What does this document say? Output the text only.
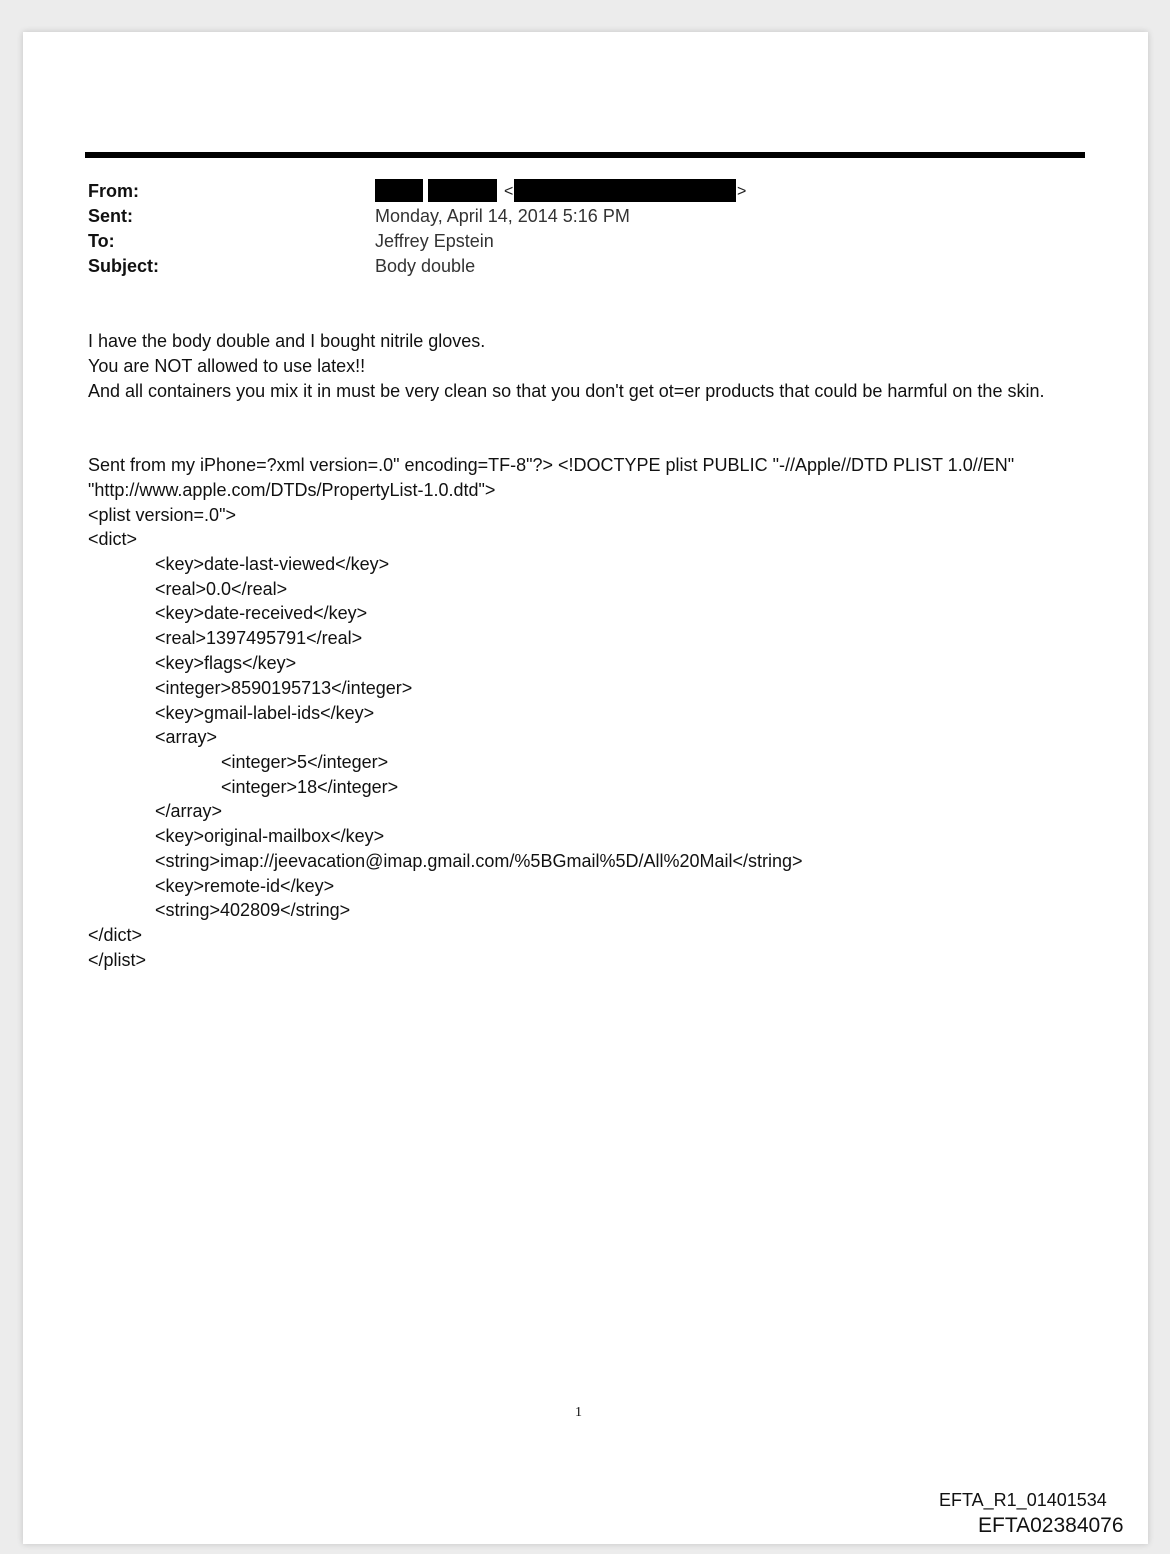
From:
Sent:
To:
Subject:
<	>
Monday, April 14, 2014 5:16 PM
Jeffrey Epstein
Body double
I have the body double and I bought nitrile gloves.
You are NOT allowed to use latex!!
And all containers you mix it in must be very clean so that you don't get ot=er products that could be harmful on the skin.
Sent from my iPhone=?xml version=.0" encoding=TF-8"?> <!DOCTYPE plist PUBLIC "-//Apple//DTD PLIST 1.0//EN"
"http://www.apple.com/DTDs/PropertyList-1.0.dtd">
<plist version=.0">
<dict>
<key>date-last-viewed</key>
<real>0.0</real>
<key>date-received</key>
<real>1397495791</real>
<key>flags</key>
<integer>8590195713</integer>
<key>gmail-label-ids</key>
<array>
<integer>5</integer>
<integer>18</integer>
</array>
<key>original-mailbox</key>
<string>imap://jeevacation@imap.gmail.com/%5BGmail%5D/All%20Mail</string>
<key>remote-id</key>
<string>402809</string>
</dict>
</plist>
1
EFTA_R1_01401534
EFTA02384076
